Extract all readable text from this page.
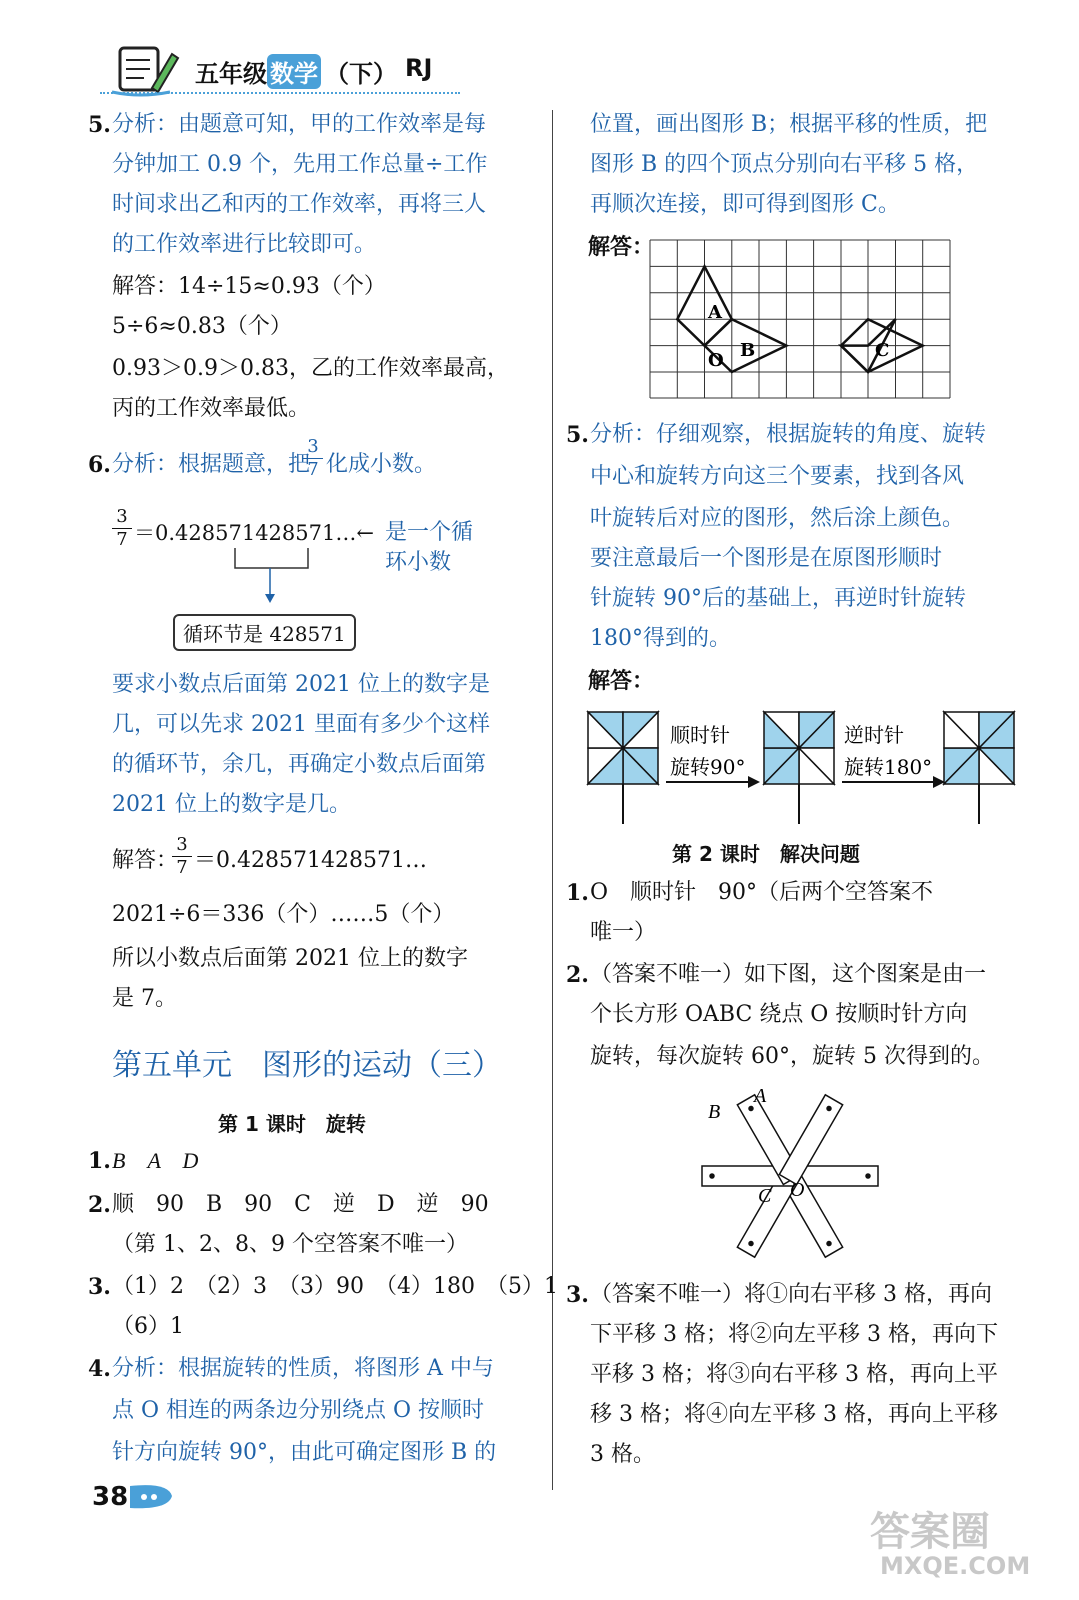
五年级 数学 （下） RJ
5. 分析：由题意可知，甲的工作效率是每
分钟加工 0.9 个，先用工作总量÷工作
时间求出乙和丙的工作效率，再将三人
的工作效率进行比较即可。
解答：14÷15≈0.93（个）
5÷6≈0.83（个）
0.93＞0.9＞0.83，乙的工作效率最高，
丙的工作效率最低。
6. 分析：根据题意，把
3
7 化成小数。
3
7 ＝0.428571428571…← 是一个循
环小数
循环节是 428571
要求小数点后面第 2021 位上的数字是
几，可以先求 2021 里面有多少个这样
的循环节，余几，再确定小数点后面第
2021 位上的数字是几。
解答：
3
7 ＝0.428571428571…
2021÷6＝336（个）……5（个）
所以小数点后面第 2021 位上的数字
是 7。
第五单元　图形的运动（三）
第 1 课时　旋转
1. B　A　D
2. 顺　90　B　90　C　逆　D　逆　90
（第 1、2、8、9 个空答案不唯一）
3. （1）2　（2）3　（3）90　（4）180　（5）1
（6）1
4. 分析：根据旋转的性质，将图形 A 中与
点 O 相连的两条边分别绕点 O 按顺时
针方向旋转 90°，由此可确定图形 B 的
38
位置，画出图形 B；根据平移的性质，把
图形 B 的四个顶点分别向右平移 5 格，
再顺次连接，即可得到图形 C。
解答：
A
O B	C
5. 分析：仔细观察，根据旋转的角度、旋转
中心和旋转方向这三个要素，找到各风
叶旋转后对应的图形，然后涂上颜色。
要注意最后一个图形是在原图形顺时
针旋转 90°后的基础上，再逆时针旋转
180°得到的。
解答：
顺时针
旋转90°
逆时针
旋转180°
第 2 课时　解决问题
1. O　顺时针　90°（后两个空答案不
唯一）
2. （答案不唯一）如下图，这个图案是由一
个长方形 OABC 绕点 O 按顺时针方向
旋转，每次旋转 60°，旋转 5 次得到的。
B
A
C O
3. （答案不唯一）将①向右平移 3 格，再向
下平移 3 格；将②向左平移 3 格，再向下
平移 3 格；将③向右平移 3 格，再向上平
移 3 格；将④向左平移 3 格，再向上平移
3 格。
答案圈
MXQE.COM
